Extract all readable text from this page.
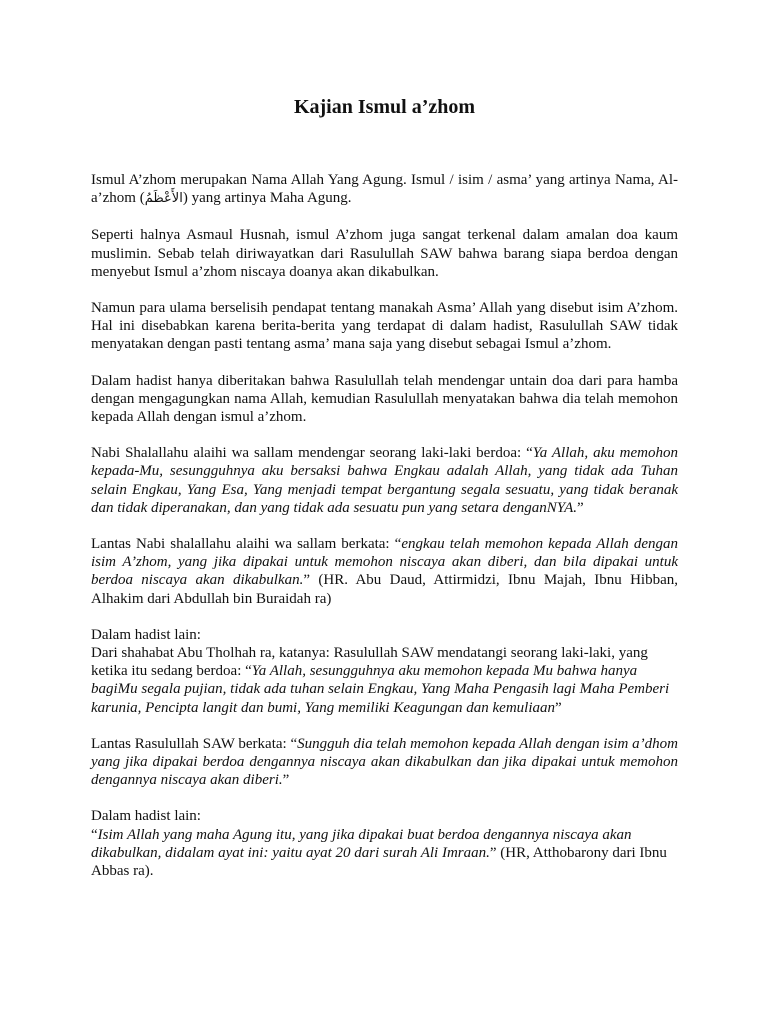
Kajian Ismul a’zhom

Ismul A’zhom merupakan Nama Allah Yang Agung. Ismul / isim / asma’ yang artinya Nama, Al-a’zhom (الأَعْظَمُ) yang artinya Maha Agung.

Seperti halnya Asmaul Husnah, ismul A’zhom juga sangat terkenal dalam amalan doa kaum muslimin. Sebab telah diriwayatkan dari Rasulullah SAW bahwa barang siapa berdoa dengan menyebut Ismul a’zhom niscaya doanya akan dikabulkan.

Namun para ulama berselisih pendapat tentang manakah Asma’ Allah yang disebut isim A’zhom. Hal ini disebabkan karena berita-berita yang terdapat di dalam hadist, Rasulullah SAW tidak menyatakan dengan pasti tentang asma’ mana saja yang disebut sebagai Ismul a’zhom.

Dalam hadist hanya diberitakan bahwa Rasulullah telah mendengar untain doa dari para hamba dengan mengagungkan nama Allah, kemudian Rasulullah menyatakan bahwa dia telah memohon kepada Allah dengan ismul a’zhom.

Nabi Shalallahu alaihi wa sallam mendengar seorang laki-laki berdoa: “Ya Allah, aku memohon kepada-Mu, sesungguhnya aku bersaksi bahwa Engkau adalah Allah, yang tidak ada Tuhan selain Engkau, Yang Esa, Yang menjadi tempat bergantung segala sesuatu, yang tidak beranak dan tidak diperanakan, dan yang tidak ada sesuatu pun yang setara denganNYA.”

Lantas Nabi shalallahu alaihi wa sallam berkata: “engkau telah memohon kepada Allah dengan isim A’zhom, yang jika dipakai untuk memohon niscaya akan diberi, dan bila dipakai untuk berdoa niscaya akan dikabulkan.” (HR. Abu Daud, Attirmidzi, Ibnu Majah, Ibnu Hibban, Alhakim dari Abdullah bin Buraidah ra)

Dalam hadist lain:
Dari shahabat Abu Tholhah ra, katanya: Rasulullah SAW mendatangi seorang laki-laki, yang ketika itu sedang berdoa: “Ya Allah, sesungguhnya aku memohon kepada Mu bahwa hanya bagiMu segala pujian, tidak ada tuhan selain Engkau, Yang Maha Pengasih lagi Maha Pemberi karunia, Pencipta langit dan bumi, Yang memiliki Keagungan dan kemuliaan”

Lantas Rasulullah SAW berkata: “Sungguh dia telah memohon kepada Allah dengan isim a’dhom yang jika dipakai berdoa dengannya niscaya akan dikabulkan dan jika dipakai untuk memohon dengannya niscaya akan diberi.”

Dalam hadist lain:
“Isim Allah yang maha Agung itu, yang jika dipakai buat berdoa dengannya niscaya akan dikabulkan, didalam ayat ini: yaitu ayat 20 dari surah Ali Imraan.” (HR, Atthobarony dari Ibnu Abbas ra).
